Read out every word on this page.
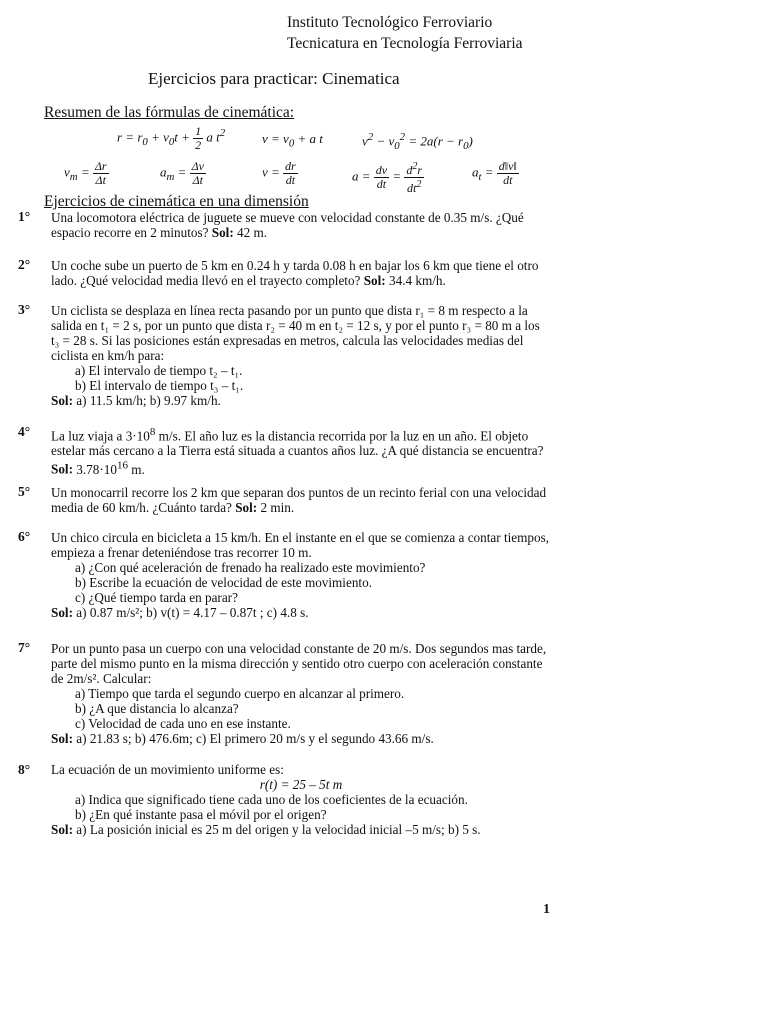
Instituto Tecnológico Ferroviario
Tecnicatura en Tecnología Ferroviaria
Ejercicios para practicar: Cinematica
Resumen de las fórmulas de cinemática:
$r = r_0 + v_0t + \frac{1}{2}$ a $t^2$	$v = v_0 + a$ t	$v^2 - v_0^2 = 2a(r - r_0)$
$v_m = \frac{\Delta r}{\Delta t}$	$a_m = \frac{\Delta v}{\Delta t}$	$v = \frac{dr}{dt}$	$a = \frac{dv}{dt} = \frac{d^2r}{dt^2}$	$a_t = \frac{d‖v‖}{dt}$
Ejercicios de cinemática en una dimensión
1° Una locomotora eléctrica de juguete se mueve con velocidad constante de 0.35 m/s. ¿Qué espacio recorre en 2 minutos? Sol: 42 m.
2° Un coche sube un puerto de 5 km en 0.24 h y tarda 0.08 h en bajar los 6 km que tiene el otro lado. ¿Qué velocidad media llevó en el trayecto completo? Sol: 34.4 km/h.
3° Un ciclista se desplaza en línea recta pasando por un punto que dista r₁ = 8 m respecto a la salida en t₁ = 2 s, por un punto que dista r₂ = 40 m en t₂ = 12 s, y por el punto r₃ = 80 m a los t₃ = 28 s. Si las posiciones están expresadas en metros, calcula las velocidades medias del ciclista en km/h para:
a) El intervalo de tiempo t₂ – t₁.
b) El intervalo de tiempo t₃ – t₁.
Sol: a) 11.5 km/h; b) 9.97 km/h.
4° La luz viaja a $3\cdot 10^8$ m/s. El año luz es la distancia recorrida por la luz en un año. El objeto estelar más cercano a la Tierra está situada a cuantos años luz. ¿A qué distancia se encuentra? Sol: $3.78\cdot 10^{16}$ m.
5° Un monocarril recorre los 2 km que separan dos puntos de un recinto ferial con una velocidad media de 60 km/h. ¿Cuánto tarda? Sol: 2 min.
6° Un chico circula en bicicleta a 15 km/h. En el instante en el que se comienza a contar tiempos, empieza a frenar deteniéndose tras recorrer 10 m.
a) ¿Con qué aceleración de frenado ha realizado este movimiento?
b) Escribe la ecuación de velocidad de este movimiento.
c) ¿Qué tiempo tarda en parar?
Sol: a) 0.87 m/s²; b) v(t) = 4.17 – 0.87t ; c) 4.8 s.
7° Por un punto pasa un cuerpo con una velocidad constante de 20 m/s. Dos segundos mas tarde, parte del mismo punto en la misma dirección y sentido otro cuerpo con aceleración constante de 2m/s². Calcular:
a) Tiempo que tarda el segundo cuerpo en alcanzar al primero.
b) ¿A que distancia lo alcanza?
c) Velocidad de cada uno en ese instante.
Sol: a) 21.83 s; b) 476.6m; c) El primero 20 m/s y el segundo 43.66 m/s.
8° La ecuación de un movimiento uniforme es:
r(t) = 25 – 5t m
a) Indica que significado tiene cada uno de los coeficientes de la ecuación.
b) ¿En qué instante pasa el móvil por el origen?
Sol: a) La posición inicial es 25 m del origen y la velocidad inicial –5 m/s; b) 5 s.
1
